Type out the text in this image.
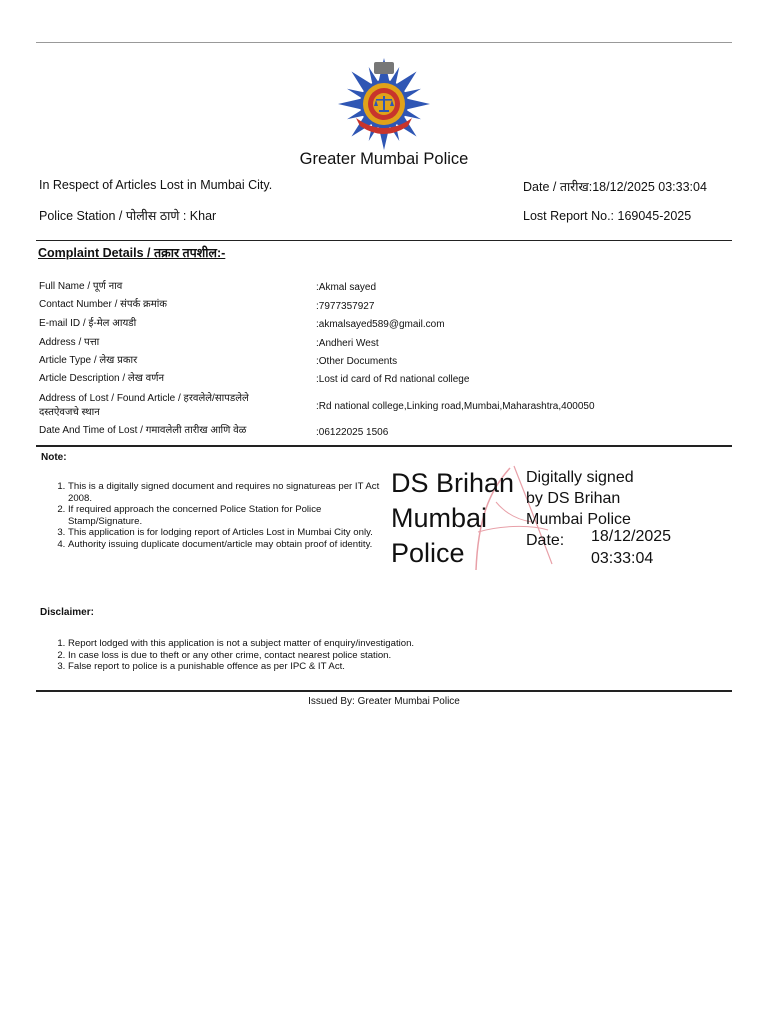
Greater Mumbai Police
In Respect of Articles Lost in Mumbai City.	Date / तारीख:18/12/2025 03:33:04
Police Station / पोलीस ठाणे : Khar	Lost Report No.: 169045-2025
Complaint Details / तक्रार तपशील:-
Full Name / पूर्ण नाव	:Akmal sayed
Contact Number / संपर्क क्रमांक	:7977357927
E-mail ID / ई-मेल आयडी	:akmalsayed589@gmail.com
Address / पत्ता	:Andheri West
Article Type / लेख प्रकार	:Other Documents
Article Description / लेख वर्णन	:Lost id card of Rd national college
Address of Lost / Found Article / हरवलेले/सापडलेले दस्तऐवजचे स्थान
:Rd national college,Linking road,Mumbai,Maharashtra,400050
Date And Time of Lost / गमावलेली तारीख आणि वेळ	:06122025 1506
Note:
1. This is a digitally signed document and requires no signatureas per IT Act 2008.
2. If required approach the concerned Police Station for Police Stamp/Signature.
3. This application is for lodging report of Articles Lost in Mumbai City only.
4. Authority issuing duplicate document/article may obtain proof of identity.
DS Brihan
Mumbai
Police
Digitally signed
by DS Brihan
Mumbai Police
Date: 18/12/2025
03:33:04
Disclaimer:
1. Report lodged with this application is not a subject matter of enquiry/investigation.
2. In case loss is due to theft or any other crime, contact nearest police station.
3. False report to police is a punishable offence as per IPC & IT Act.
Issued By: Greater Mumbai Police
